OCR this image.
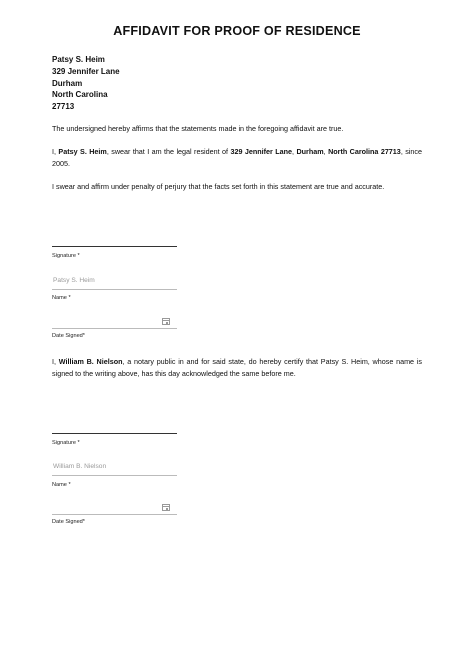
AFFIDAVIT FOR PROOF OF RESIDENCE
Patsy S. Heim
329 Jennifer Lane
Durham
North Carolina
27713
The undersigned hereby affirms that the statements made in the foregoing affidavit are true.
I, Patsy S. Heim, swear that I am the legal resident of 329 Jennifer Lane, Durham, North Carolina 27713, since 2005.
I swear and affirm under penalty of perjury that the facts set forth in this statement are true and accurate.
Signature *
Patsy S. Heim
Name *
Date Signed*
I, William B. Nielson, a notary public in and for said state, do hereby certify that Patsy S. Heim, whose name is signed to the writing above, has this day acknowledged the same before me.
Signature *
William B. Nielson
Name *
Date Signed*
